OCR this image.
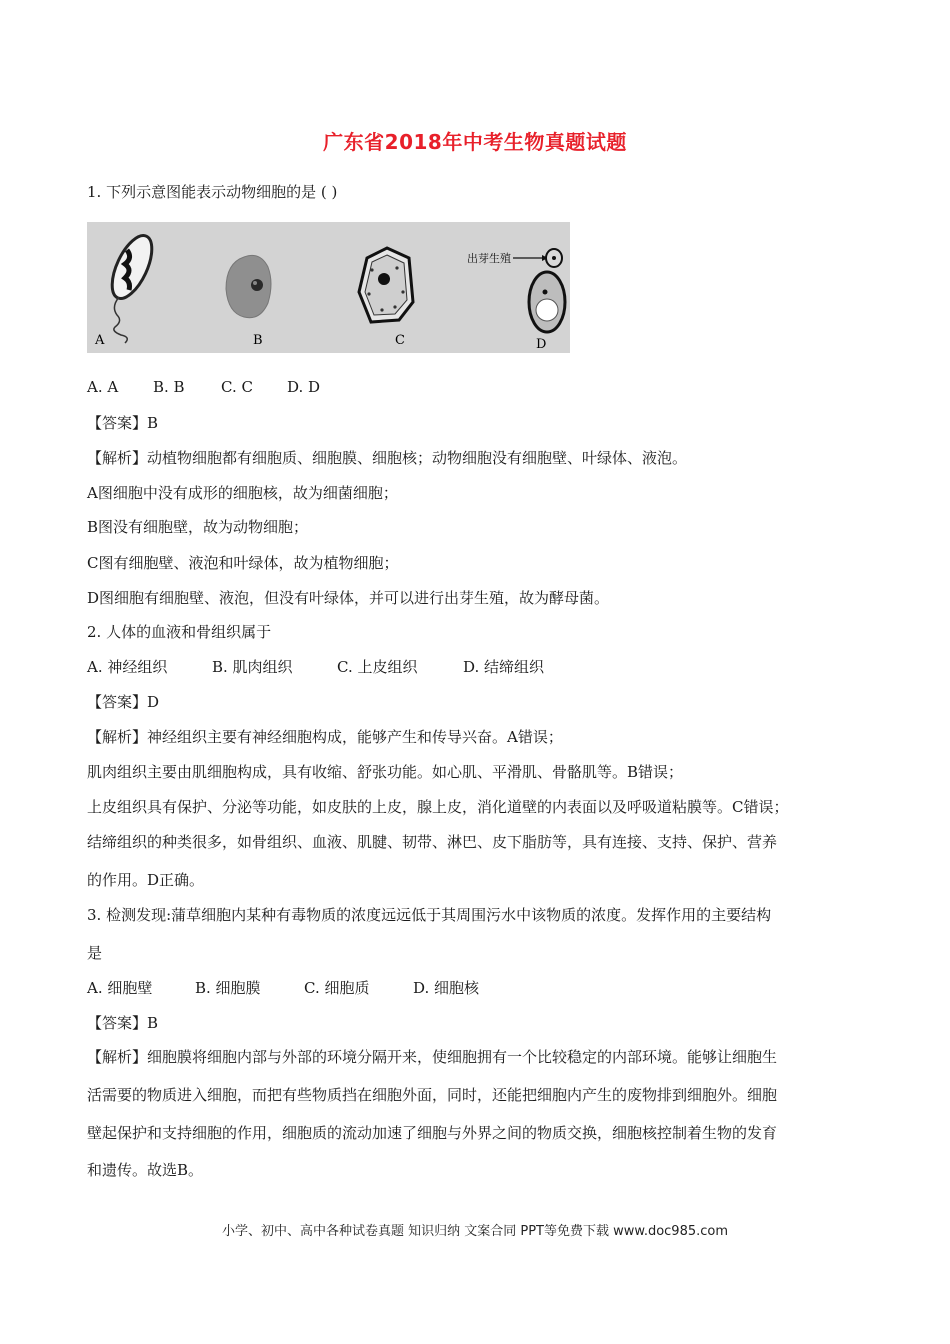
广东省2018年中考生物真题试题
1. 下列示意图能表示动物细胞的是 ( )
出芽生殖
A	B	C	D
A. A B. B C. C D. D
【答案】B
【解析】动植物细胞都有细胞质、细胞膜、细胞核；动物细胞没有细胞壁、叶绿体、液泡。
A图细胞中没有成形的细胞核，故为细菌细胞；
B图没有细胞壁，故为动物细胞；
C图有细胞壁、液泡和叶绿体，故为植物细胞；
D图细胞有细胞壁、液泡，但没有叶绿体，并可以进行出芽生殖，故为酵母菌。
2. 人体的血液和骨组织属于
A. 神经组织	B. 肌肉组织	C. 上皮组织	D. 结缔组织
【答案】D
【解析】神经组织主要有神经细胞构成，能够产生和传导兴奋。A错误；
肌肉组织主要由肌细胞构成，具有收缩、舒张功能。如心肌、平滑肌、骨骼肌等。B错误；
上皮组织具有保护、分泌等功能，如皮肤的上皮，腺上皮，消化道壁的内表面以及呼吸道粘膜等。C错误；
结缔组织的种类很多，如骨组织、血液、肌腱、韧带、淋巴、皮下脂肪等，具有连接、支持、保护、营养
的作用。D正确。
3. 检测发现:蒲草细胞内某种有毒物质的浓度远远低于其周围污水中该物质的浓度。发挥作用的主要结构
是
A. 细胞壁	B. 细胞膜	C. 细胞质	D. 细胞核
【答案】B
【解析】细胞膜将细胞内部与外部的环境分隔开来，使细胞拥有一个比较稳定的内部环境。能够让细胞生
活需要的物质进入细胞，而把有些物质挡在细胞外面，同时，还能把细胞内产生的废物排到细胞外。细胞
壁起保护和支持细胞的作用，细胞质的流动加速了细胞与外界之间的物质交换，细胞核控制着生物的发育
和遗传。故选B。
小学、初中、高中各种试卷真题 知识归纳 文案合同 PPT等免费下载 www.doc985.com
